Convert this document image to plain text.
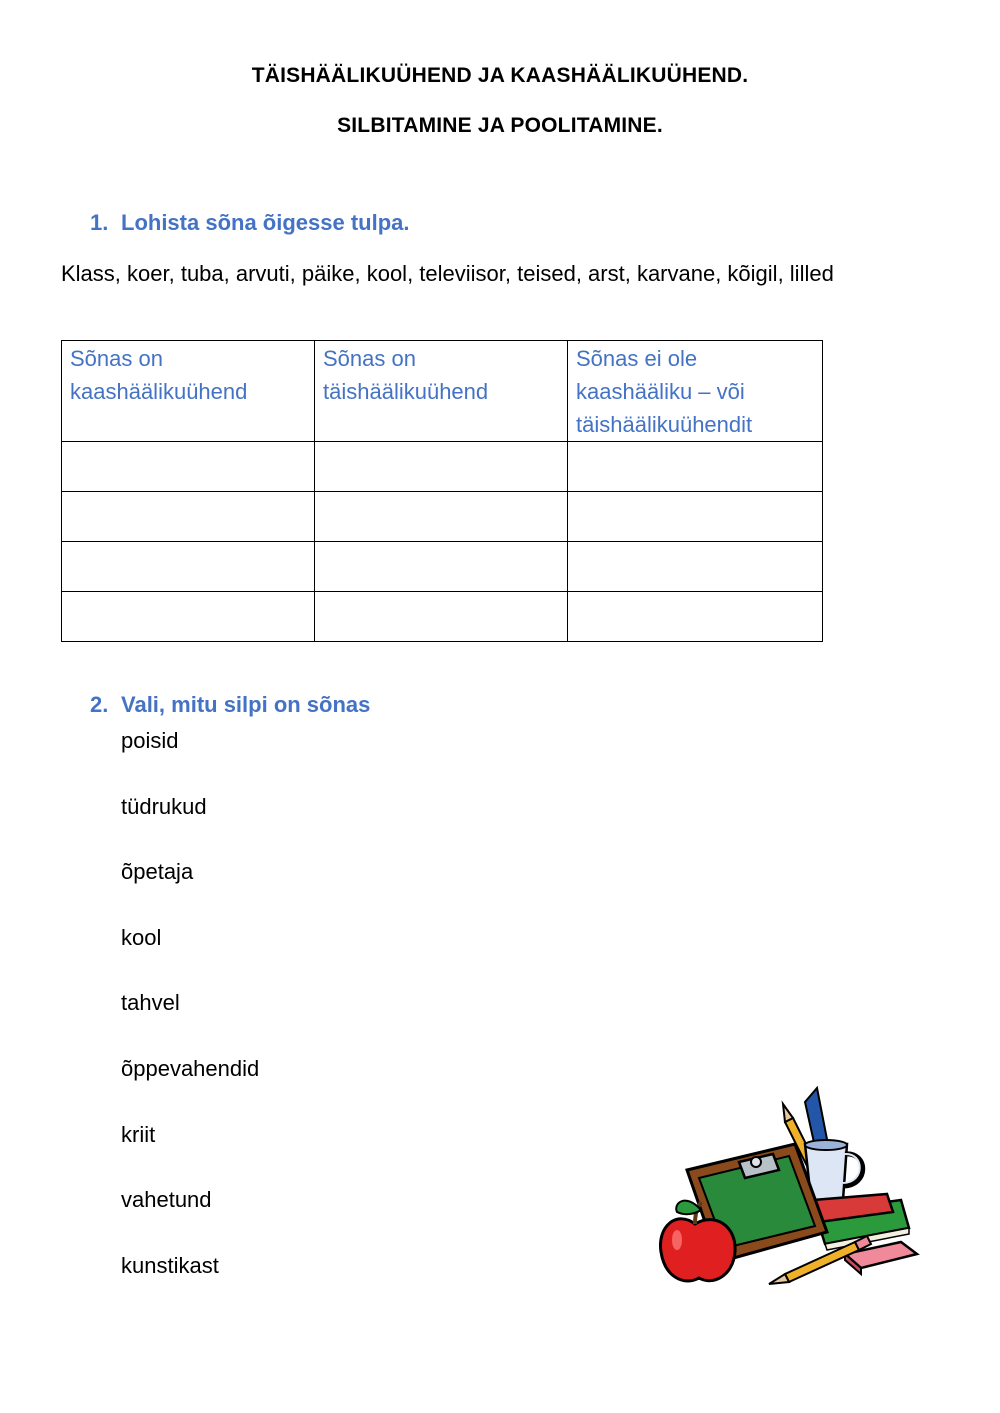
TÄISHÄÄLIKUÜHEND JA KAASHÄÄLIKUÜHEND.
SILBITAMINE JA POOLITAMINE.
1. Lohista sõna õigesse tulpa.
Klass, koer, tuba, arvuti, päike, kool, televiisor, teised, arst, karvane, kõigil, lilled
Sõnas on kaashäälikuühend	Sõnas on täishäälikuühend	Sõnas ei ole kaashääliku – või täishäälikuühendit

2. Vali, mitu silpi on sõnas
poisid
tüdrukud
õpetaja
kool
tahvel
õppevahendid
kriit
vahetund
kunstikast
